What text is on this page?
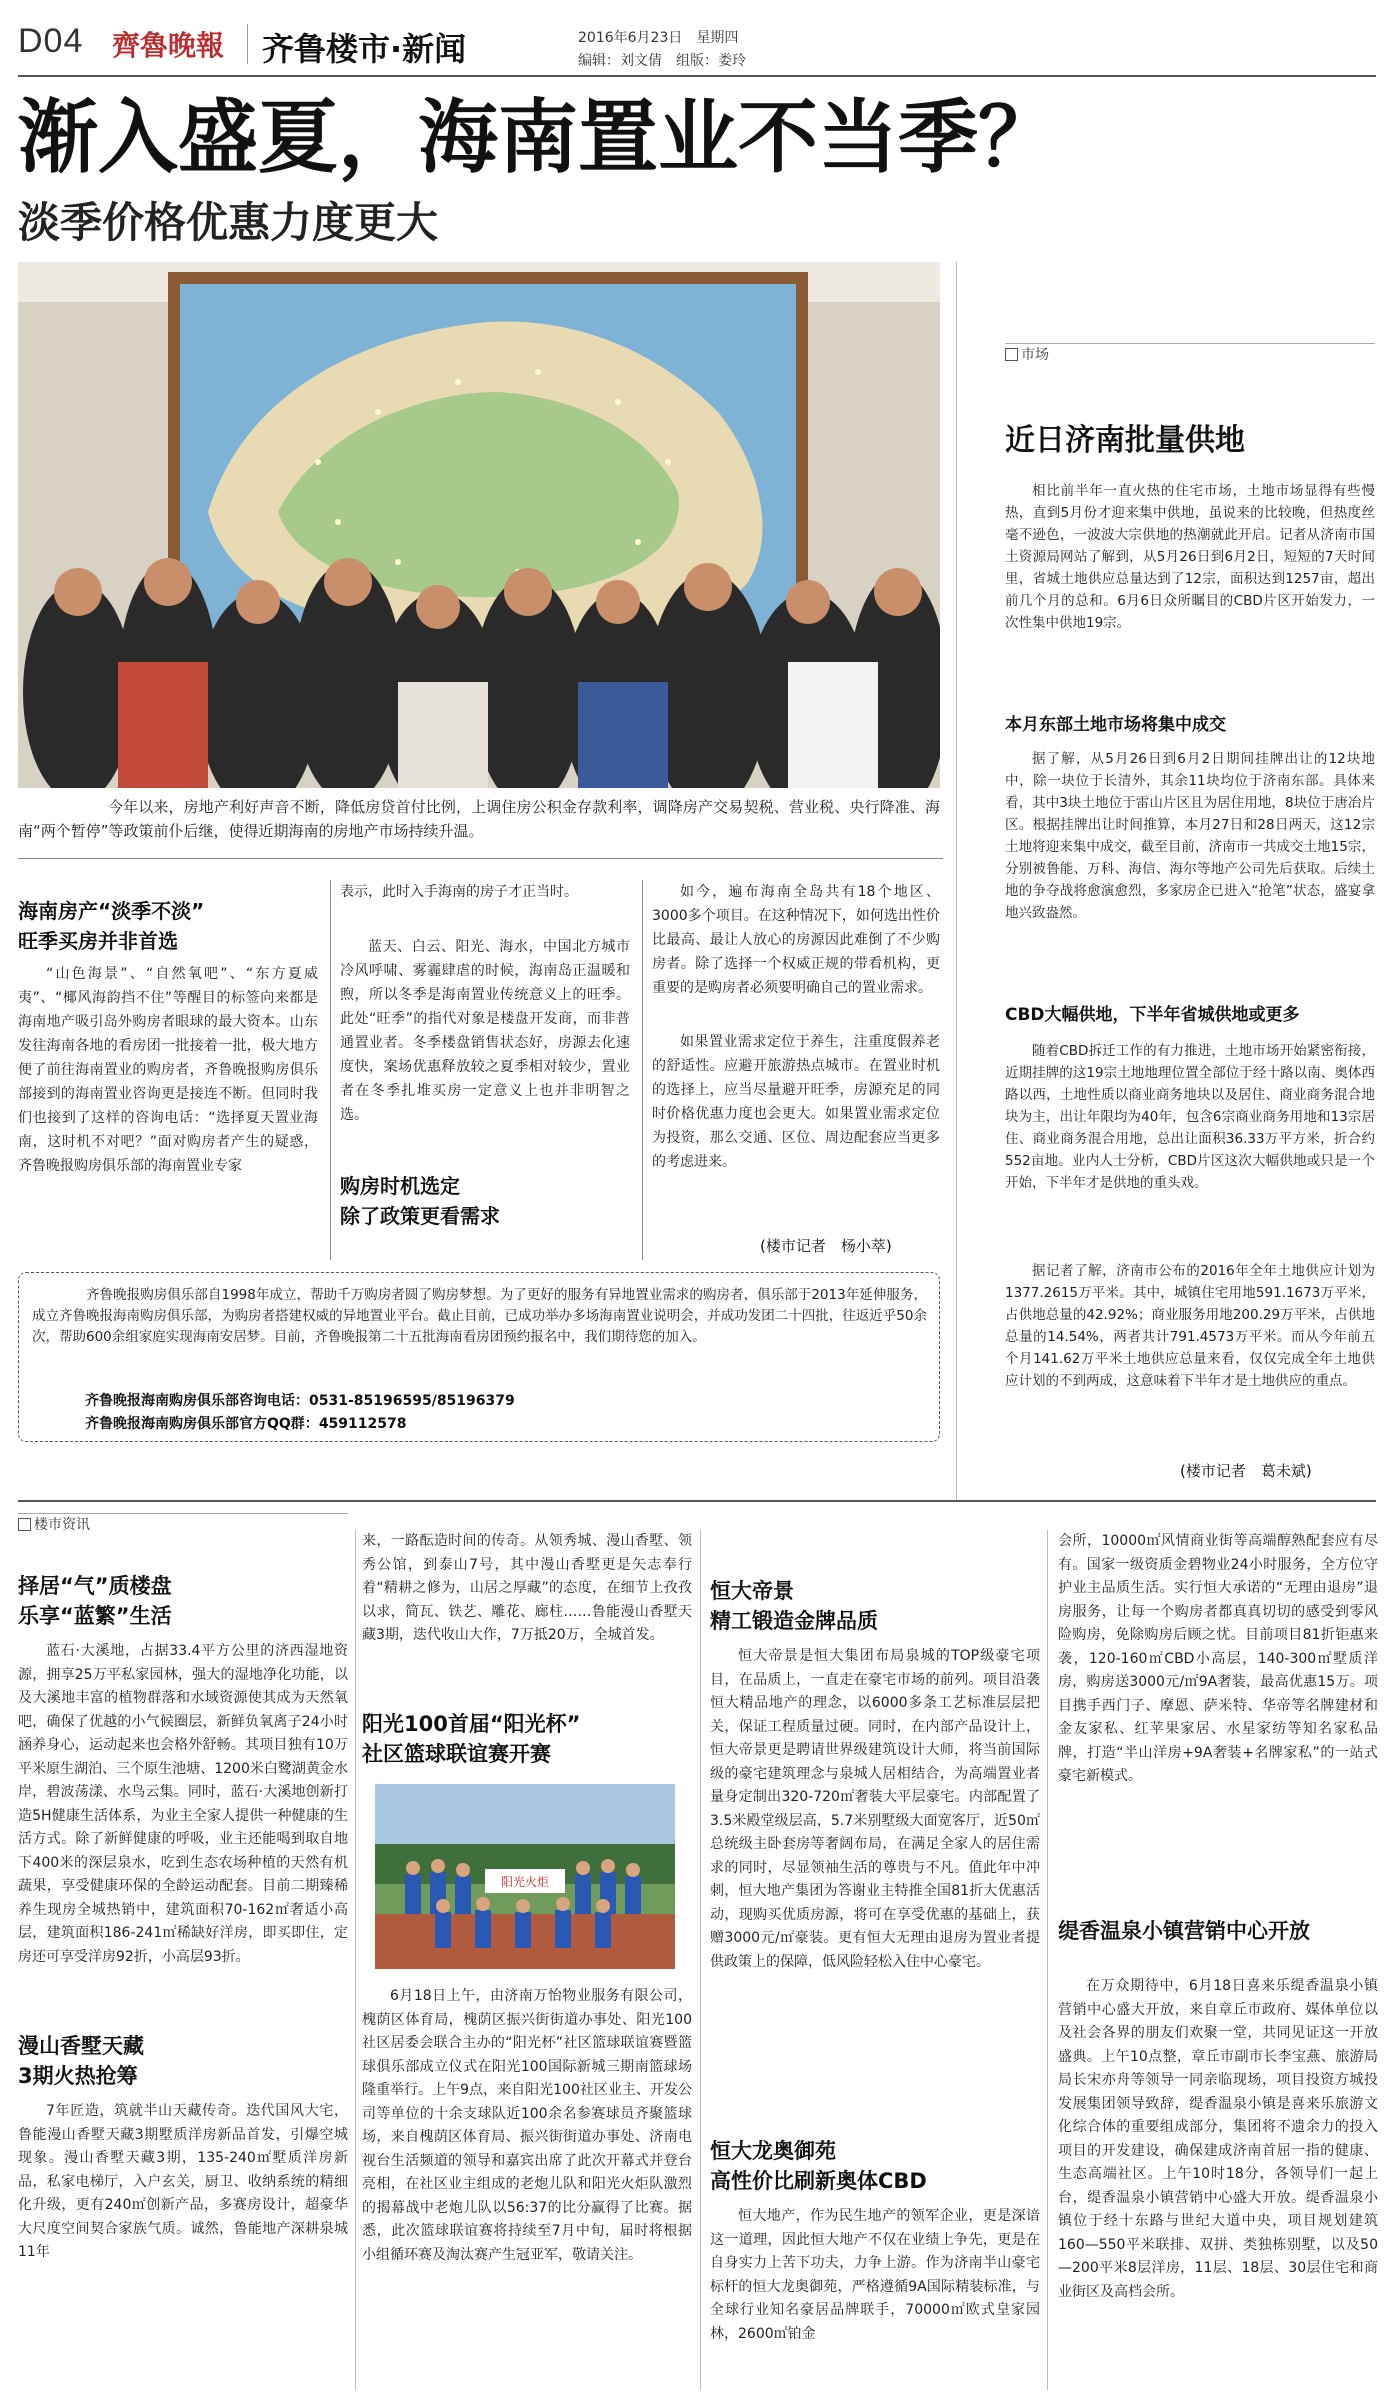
D04 齊魯晚報 齐鲁楼市·新闻	2016年6月23日　星期四
编辑：刘文倩　组版：娄玲
渐入盛夏，海南置业不当季？
淡季价格优惠力度更大
今年以来，房地产利好声音不断，降低房贷首付比例，上调住房公积金存款利率，调降房产交易契税、营业税、央行降准、海南“两个暂停”等政策前仆后继，使得近期海南的房地产市场持续升温。
海南房产“淡季不淡”
旺季买房并非首选
“山色海景”、“自然氧吧”、“东方夏威夷”、“椰风海韵挡不住”等醒目的标签向来都是海南地产吸引岛外购房者眼球的最大资本。山东发往海南各地的看房团一批接着一批，极大地方便了前往海南置业的购房者，齐鲁晚报购房俱乐部接到的海南置业咨询更是接连不断。但同时我们也接到了这样的咨询电话：“选择夏天置业海南，这时机不对吧？”面对购房者产生的疑惑，齐鲁晚报购房俱乐部的海南置业专家
表示，此时入手海南的房子才正当时。
蓝天、白云、阳光、海水，中国北方城市冷风呼啸、雾霾肆虐的时候，海南岛正温暖和煦，所以冬季是海南置业传统意义上的旺季。此处“旺季”的指代对象是楼盘开发商，而非普通置业者。冬季楼盘销售状态好，房源去化速度快，案场优惠释放较之夏季相对较少，置业者在冬季扎堆买房一定意义上也并非明智之选。
购房时机选定
除了政策更看需求
如今，遍布海南全岛共有18个地区、3000多个项目。在这种情况下，如何选出性价比最高、最让人放心的房源因此难倒了不少购房者。除了选择一个权威正规的带看机构，更重要的是购房者必须要明确自己的置业需求。
如果置业需求定位于养生，注重度假养老的舒适性。应避开旅游热点城市。在置业时机的选择上，应当尽量避开旺季，房源充足的同时价格优惠力度也会更大。如果置业需求定位为投资，那么交通、区位、周边配套应当更多的考虑进来。
(楼市记者　杨小萃)
齐鲁晚报购房俱乐部自1998年成立，帮助千万购房者圆了购房梦想。为了更好的服务有异地置业需求的购房者，俱乐部于2013年延伸服务，成立齐鲁晚报海南购房俱乐部，为购房者搭建权威的异地置业平台。截止目前，已成功举办多场海南置业说明会，并成功发团二十四批，往返近乎50余次，帮助600余组家庭实现海南安居梦。目前，齐鲁晚报第二十五批海南看房团预约报名中，我们期待您的加入。
齐鲁晚报海南购房俱乐部咨询电话：0531-85196595/85196379
齐鲁晚报海南购房俱乐部官方QQ群：459112578
市场
近日济南批量供地
相比前半年一直火热的住宅市场，土地市场显得有些慢热，直到5月份才迎来集中供地，虽说来的比较晚，但热度丝毫不逊色，一波波大宗供地的热潮就此开启。记者从济南市国土资源局网站了解到，从5月26日到6月2日，短短的7天时间里，省城土地供应总量达到了12宗，面积达到1257亩，超出前几个月的总和。6月6日众所瞩目的CBD片区开始发力，一次性集中供地19宗。
本月东部土地市场将集中成交
据了解，从5月26日到6月2日期间挂牌出让的12块地中，除一块位于长清外，其余11块均位于济南东部。具体来看，其中3块土地位于雷山片区且为居住用地，8块位于唐冶片区。根据挂牌出让时间推算，本月27日和28日两天，这12宗土地将迎来集中成交，截至目前，济南市一共成交土地15宗，分别被鲁能、万科、海信、海尔等地产公司先后获取。后续土地的争夺战将愈演愈烈，多家房企已进入“抢笔”状态，盛宴拿地兴致盎然。
CBD大幅供地，下半年省城供地或更多
随着CBD拆迁工作的有力推进，土地市场开始紧密衔接，近期挂牌的这19宗土地地理位置全部位于经十路以南、奥体西路以西，土地性质以商业商务地块以及居住、商业商务混合地块为主，出让年限均为40年，包含6宗商业商务用地和13宗居住、商业商务混合用地，总出让面积36.33万平方米，折合约552亩地。业内人士分析，CBD片区这次大幅供地或只是一个开始，下半年才是供地的重头戏。
据记者了解，济南市公布的2016年全年土地供应计划为1377.2615万平米。其中，城镇住宅用地591.1673万平米，占供地总量的42.92%；商业服务用地200.29万平米，占供地总量的14.54%，两者共计791.4573万平米。而从今年前五个月141.62万平米土地供应总量来看，仅仅完成全年土地供应计划的不到两成，这意味着下半年才是土地供应的重点。
(楼市记者　葛未斌)
楼市资讯
择居“气”质楼盘
乐享“蓝繁”生活
蓝石·大溪地，占据33.4平方公里的济西湿地资源，拥享25万平私家园林，强大的湿地净化功能，以及大溪地丰富的植物群落和水域资源使其成为天然氧吧，确保了优越的小气候圈层，新鲜负氧离子24小时涵养身心，运动起来也会格外舒畅。其项目独有10万平米原生湖泊、三个原生池塘、1200米白鹭湖黄金水岸，碧波荡漾、水鸟云集。同时，蓝石·大溪地创新打造5H健康生活体系，为业主全家人提供一种健康的生活方式。除了新鲜健康的呼吸，业主还能喝到取自地下400米的深层泉水，吃到生态农场种植的天然有机蔬果，享受健康环保的全龄运动配套。目前二期臻稀养生现房全城热销中，建筑面积70-162㎡奢适小高层，建筑面积186-241㎡稀缺好洋房，即买即住，定房还可享受洋房92折，小高层93折。
漫山香墅天藏
3期火热抢筹
7年匠造，筑就半山天藏传奇。迭代国风大宅，鲁能漫山香墅天藏3期墅质洋房新品首发，引爆空城现象。漫山香墅天藏3期，135-240㎡墅质洋房新品，私家电梯厅，入户玄关，厨卫、收纳系统的精细化升级，更有240㎡创新产品，多赛房设计，超豪华大尺度空间契合家族气质。诚然，鲁能地产深耕泉城11年
来，一路酝造时间的传奇。从领秀城、漫山香墅、领秀公馆，到泰山7号，其中漫山香墅更是矢志奉行着“精耕之修为，山居之厚藏”的态度，在细节上孜孜以求，简瓦、铁艺、雕花、廊柱……鲁能漫山香墅天藏3期，迭代收山大作，7万抵20万，全城首发。
阳光100首届“阳光杯”
社区篮球联谊赛开赛
阳光火炬
6月18日上午，由济南万怡物业服务有限公司，槐荫区体育局，槐荫区振兴街街道办事处、阳光100社区居委会联合主办的“阳光杯”社区篮球联谊赛暨篮球俱乐部成立仪式在阳光100国际新城三期南篮球场隆重举行。上午9点，来自阳光100社区业主、开发公司等单位的十余支球队近100余名参赛球员齐聚篮球场，来自槐荫区体育局、振兴街街道办事处、济南电视台生活频道的领导和嘉宾出席了此次开幕式并登台亮相，在社区业主组成的老炮儿队和阳光火炬队激烈的揭幕战中老炮儿队以56:37的比分赢得了比赛。据悉，此次篮球联谊赛将持续至7月中旬，届时将根据小组循环赛及淘汰赛产生冠亚军，敬请关注。
恒大帝景
精工锻造金牌品质
恒大帝景是恒大集团布局泉城的TOP级豪宅项目，在品质上，一直走在豪宅市场的前列。项目沿袭恒大精品地产的理念，以6000多条工艺标准层层把关，保证工程质量过硬。同时，在内部产品设计上，恒大帝景更是聘请世界级建筑设计大师，将当前国际级的豪宅建筑理念与泉城人居相结合，为高端置业者量身定制出320-720㎡奢装大平层豪宅。内部配置了3.5米殿堂级层高，5.7米别墅级大面宽客厅，近50㎡总统级主卧套房等奢阔布局，在满足全家人的居住需求的同时，尽显领袖生活的尊贵与不凡。值此年中冲刺，恒大地产集团为答谢业主特推全国81折大优惠活动，现购买优质房源，将可在享受优惠的基础上，获赠3000元/㎡豪装。更有恒大无理由退房为置业者提供政策上的保障，低风险轻松入住中心豪宅。
恒大龙奥御苑
高性价比刷新奥体CBD
恒大地产，作为民生地产的领军企业，更是深谙这一道理，因此恒大地产不仅在业绩上争先，更是在自身实力上苦下功夫，力争上游。作为济南半山豪宅标杆的恒大龙奥御苑，严格遵循9A国际精装标准，与全球行业知名豪居品牌联手，70000㎡欧式皇家园林，2600㎡铂金
会所，10000㎡风情商业街等高端醇熟配套应有尽有。国家一级资质金碧物业24小时服务，全方位守护业主品质生活。实行恒大承诺的“无理由退房”退房服务，让每一个购房者都真真切切的感受到零风险购房，免除购房后顾之忧。目前项目81折钜惠来袭，120-160㎡CBD小高层，140-300㎡墅质洋房，购房送3000元/㎡9A奢装，最高优惠15万。项目携手西门子、摩恩、萨米特、华帝等名牌建材和金友家私、红苹果家居、水星家纺等知名家私品牌，打造“半山洋房+9A奢装+名牌家私”的一站式豪宅新模式。
缇香温泉小镇营销中心开放
在万众期待中，6月18日喜来乐缇香温泉小镇营销中心盛大开放，来自章丘市政府、媒体单位以及社会各界的朋友们欢聚一堂，共同见证这一开放盛典。上午10点整，章丘市副市长李宝燕、旅游局局长宋亦舟等领导一同亲临现场，项目投资方城投发展集团领导致辞，缇香温泉小镇是喜来乐旅游文化综合体的重要组成部分，集团将不遗余力的投入项目的开发建设，确保建成济南首屈一指的健康、生态高端社区。上午10时18分，各领导们一起上台，缇香温泉小镇营销中心盛大开放。缇香温泉小镇位于经十东路与世纪大道中央，项目规划建筑160—550平米联排、双拼、类独栋别墅，以及50—200平米8层洋房，11层、18层、30层住宅和商业街区及高档会所。
